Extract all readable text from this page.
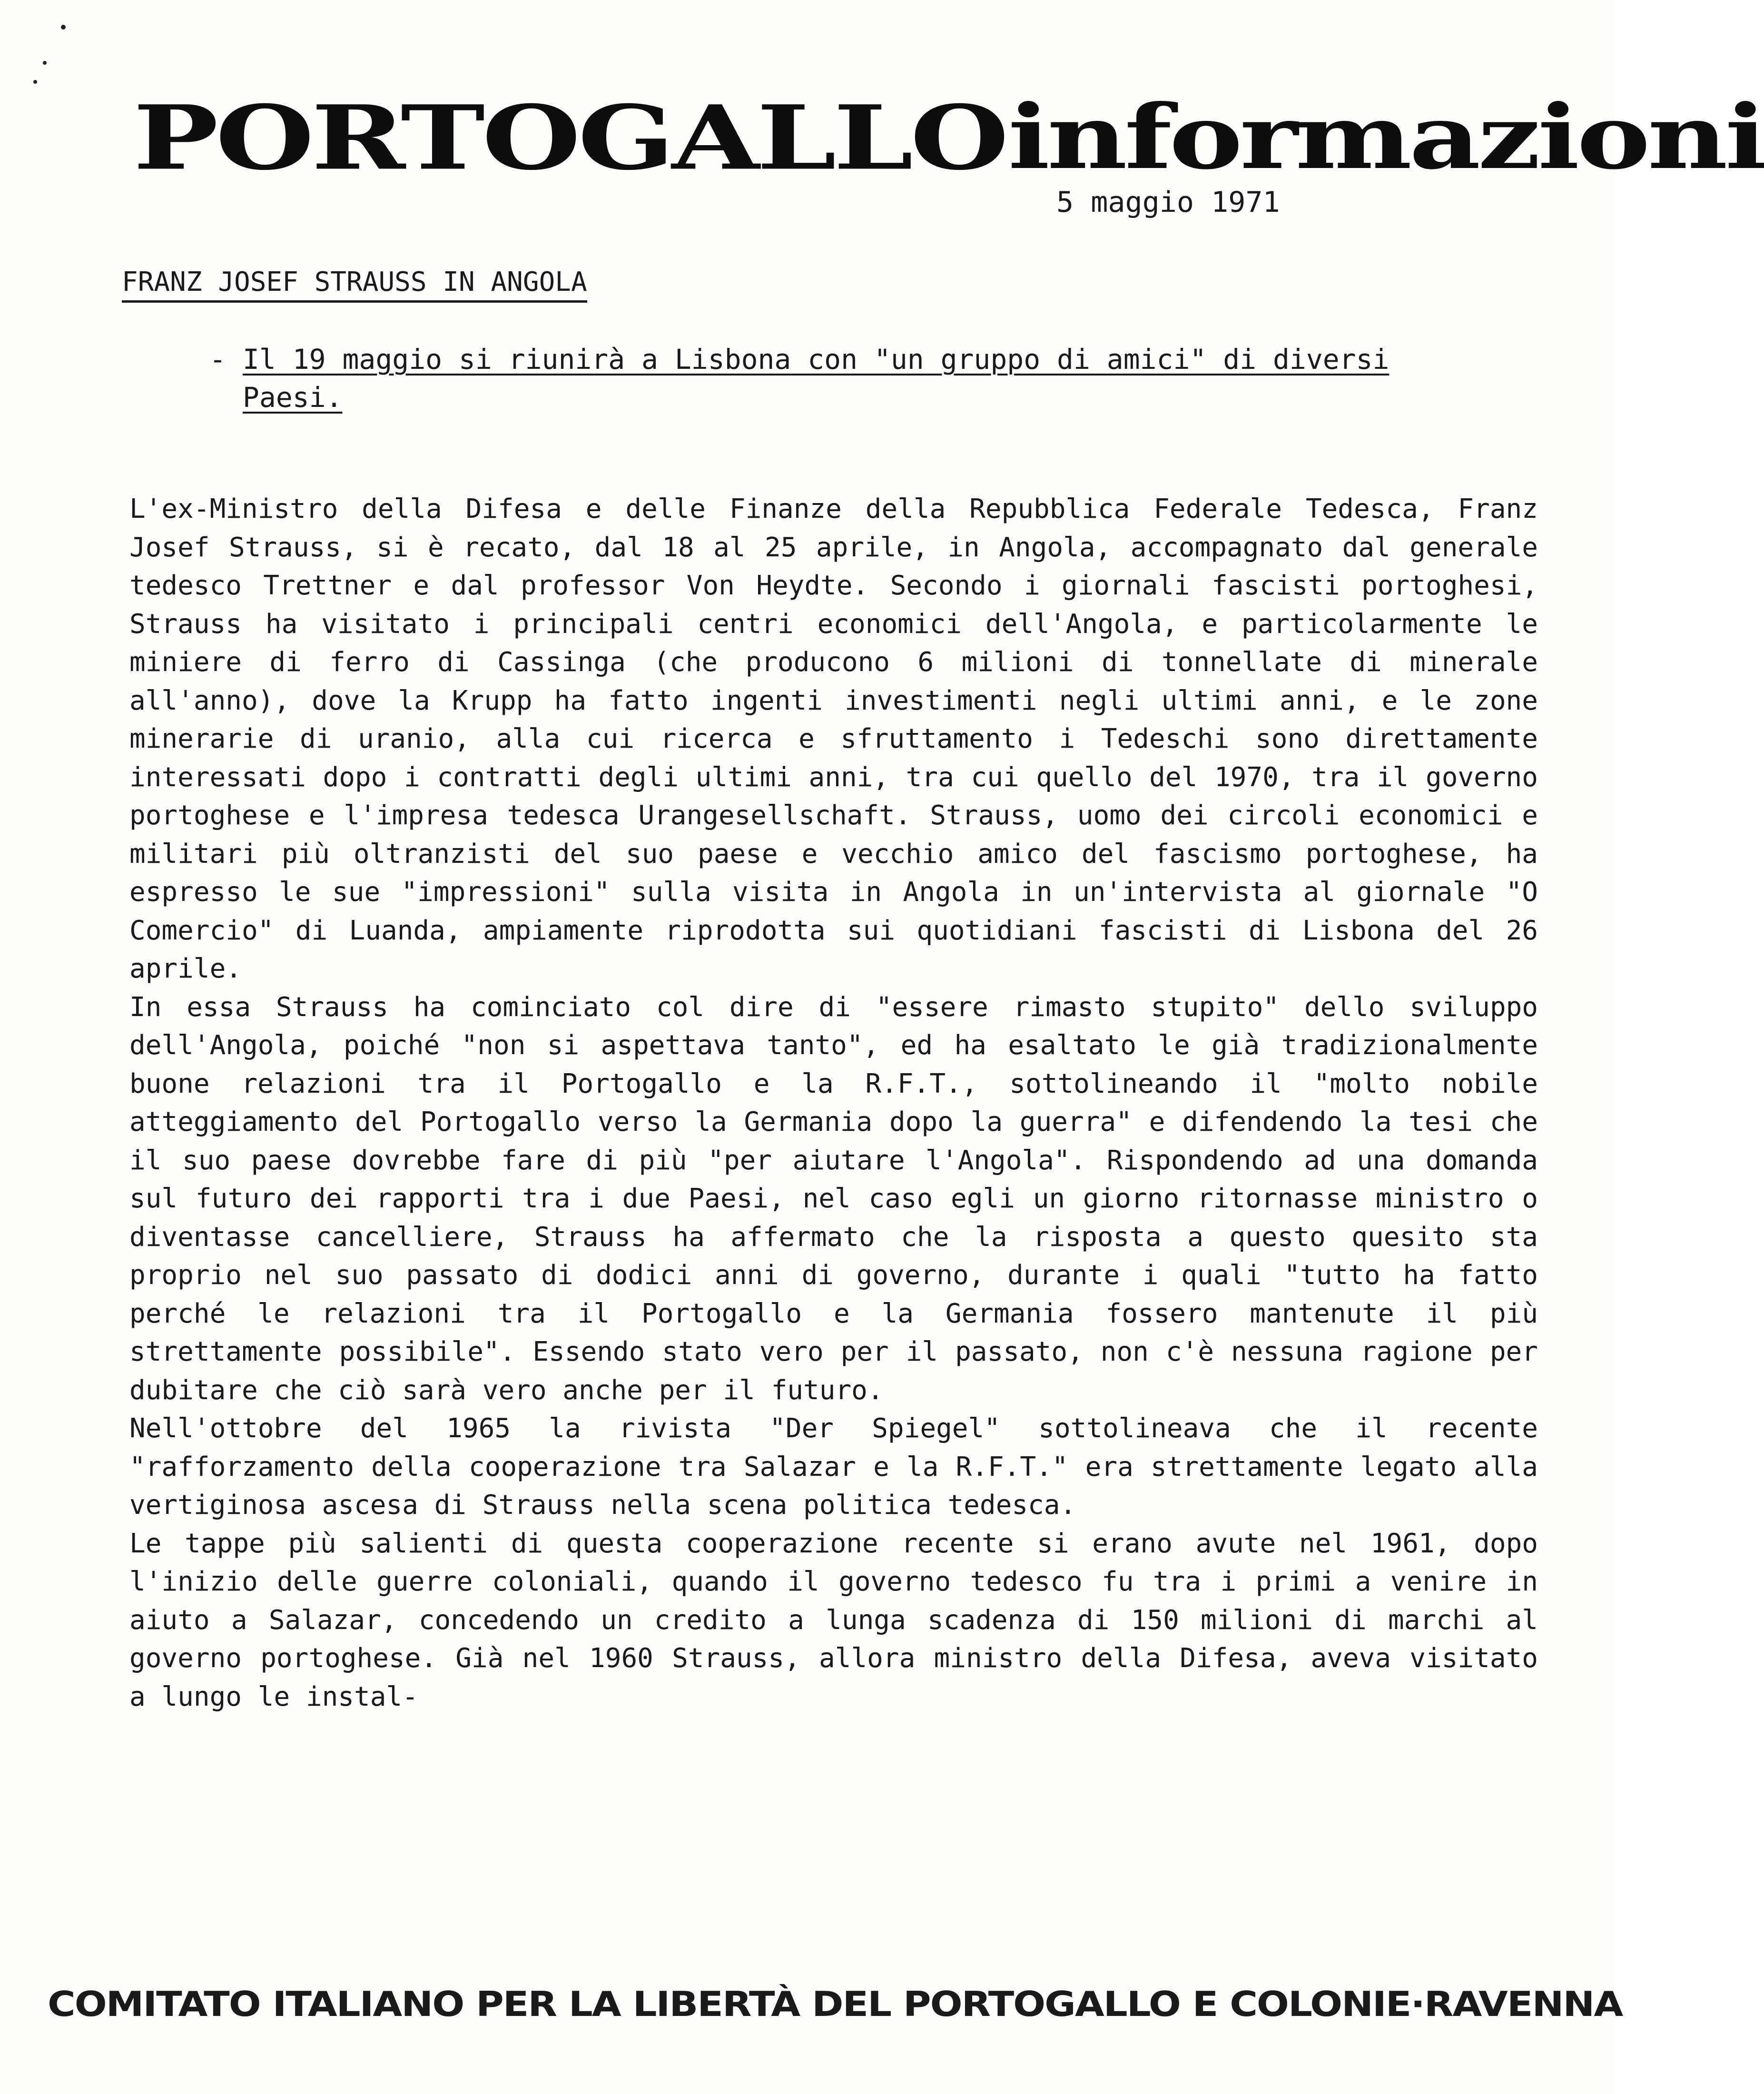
PORTOGALLOinformazioni
5 maggio 1971
FRANZ JOSEF STRAUSS IN ANGOLA
- Il 19 maggio si riunirà a Lisbona con "un gruppo di amici" di diversi Paesi.

L'ex-Ministro della Difesa e delle Finanze della Repubblica Federale Tedesca, Franz Josef Strauss, si è recato, dal 18 al 25 aprile, in Angola, accompagnato dal generale tedesco Trettner e dal professor Von Heydte. Secondo i giornali fascisti portoghesi, Strauss ha visitato i principali centri economici dell'Angola, e particolarmente le miniere di ferro di Cassinga (che producono 6 milioni di tonnellate di minerale all'anno), dove la Krupp ha fatto ingenti investimenti negli ultimi anni, e le zone minerarie di uranio, alla cui ricerca e sfruttamento i Tedeschi sono direttamente interessati dopo i contratti degli ultimi anni, tra cui quello del 1970, tra il governo portoghese e l'impresa tedesca Urangesellschaft. Strauss, uomo dei circoli economici e militari più oltranzisti del suo paese e vecchio amico del fascismo portoghese, ha espresso le sue "impressioni" sulla visita in Angola in un'intervista al giornale "O Comercio" di Luanda, ampiamente riprodotta sui quotidiani fascisti di Lisbona del 26 aprile.

In essa Strauss ha cominciato col dire di "essere rimasto stupito" dello sviluppo dell'Angola, poiché "non si aspettava tanto", ed ha esaltato le già tradizionalmente buone relazioni tra il Portogallo e la R.F.T., sottolineando il "molto nobile atteggiamento del Portogallo verso la Germania dopo la guerra" e difendendo la tesi che il suo paese dovrebbe fare di più "per aiutare l'Angola". Rispondendo ad una domanda sul futuro dei rapporti tra i due Paesi, nel caso egli un giorno ritornasse ministro o diventasse cancelliere, Strauss ha affermato che la risposta a questo quesito sta proprio nel suo passato di dodici anni di governo, durante i quali "tutto ha fatto perché le relazioni tra il Portogallo e la Germania fossero mantenute il più strettamente possibile". Essendo stato vero per il passato, non c'è nessuna ragione per dubitare che ciò sarà vero anche per il futuro.

Nell'ottobre del 1965 la rivista "Der Spiegel" sottolineava che il recente "rafforzamento della cooperazione tra Salazar e la R.F.T." era strettamente legato alla vertiginosa ascesa di Strauss nella scena politica tedesca.

Le tappe più salienti di questa cooperazione recente si erano avute nel 1961, dopo l'inizio delle guerre coloniali, quando il governo tedesco fu tra i primi a venire in aiuto a Salazar, concedendo un credito a lunga scadenza di 150 milioni di marchi al governo portoghese. Già nel 1960 Strauss, allora ministro della Difesa, aveva visitato a lungo le instal-

COMITATO ITALIANO PER LA LIBERTÀ DEL PORTOGALLO E COLONIE·RAVENNA
